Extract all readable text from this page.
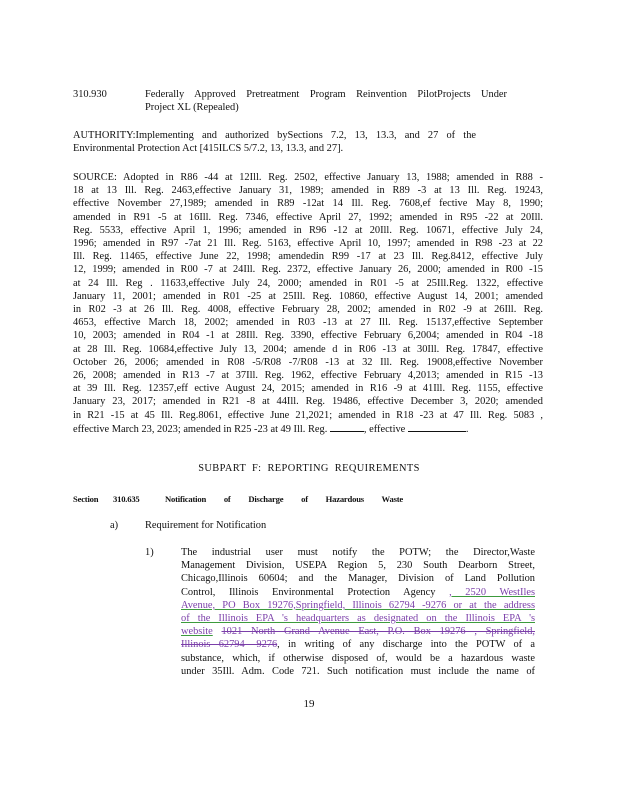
310.930	Federally Approved Pretreatment Program Reinvention PilotProjects Under
Project XL (Repealed)
AUTHORITY:Implementing and authorized bySections 7.2, 13, 13.3, and 27 of the
Environmental Protection Act [415ILCS 5/7.2, 13, 13.3, and 27].
SOURCE: Adopted in R86 -44 at 12Ill. Reg. 2502, effective January 13, 1988; amended in R88 -
18 at 13 Ill. Reg. 2463,effective January 31, 1989; amended in R89 -3 at 13 Ill. Reg. 19243,
effective November 27,1989; amended in R89 -12at 14 Ill. Reg. 7608,ef fective May 8, 1990;
amended in R91 -5 at 16Ill. Reg. 7346, effective April 27, 1992; amended in R95 -22 at 20Ill.
Reg. 5533, effective April 1, 1996; amended in R96 -12 at 20Ill. Reg. 10671, effective July 24,
1996; amended in R97 -7at 21 Ill. Reg. 5163, effective April 10, 1997; amended in R98 -23 at 22
Ill. Reg. 11465, effective June 22, 1998; amendedin R99 -17 at 23 Ill. Reg.8412, effective July
12, 1999; amended in R00 -7 at 24Ill. Reg. 2372, effective January 26, 2000; amended in R00 -15
at 24 Ill. Reg . 11633,effective July 24, 2000; amended in R01 -5 at 25Ill.Reg. 1322, effective
January 11, 2001; amended in R01 -25 at 25Ill. Reg. 10860, effective August 14, 2001; amended
in R02 -3 at 26 Ill. Reg. 4008, effective February 28, 2002; amended in R02 -9 at 26Ill. Reg.
4653, effective March 18, 2002; amended in R03 -13 at 27 Ill. Reg. 15137,effective September
10, 2003; amended in R04 -1 at 28Ill. Reg. 3390, effective February 6,2004; amended in R04 -18
at 28 Ill. Reg. 10684,effective July 13, 2004; amende d in R06 -13 at 30Ill. Reg. 17847, effective
October 26, 2006; amended in R08 -5/R08 -7/R08 -13 at 32 Ill. Reg. 19008,effective November
26, 2008; amended in R13 -7 at 37Ill. Reg. 1962, effective February 4,2013; amended in R15 -13
at 39 Ill. Reg. 12357,eff ective August 24, 2015; amended in R16 -9 at 41Ill. Reg. 1155, effective
January 23, 2017; amended in R21 -8 at 44Ill. Reg. 19486, effective December 3, 2020; amended
in R21 -15 at 45 Ill. Reg.8061, effective June 21,2021; amended in R18 -23 at 47 Ill. Reg. 5083 ,
effective March 23, 2023; amended in R25 -23 at 49 Ill. Reg.	, effective	.
SUBPART F: REPORTING REQUIREMENTS
Section 310.635	Notification of Discharge of Hazardous Waste
a)	Requirement for Notification
1)	The industrial user must notify the POTW; the Director,Waste
Management Division, USEPA Region 5, 230 South Dearborn Street,
Chicago,Illinois 60604; and the Manager, Division of Land Pollution
Control, Illinois Environmental Protection Agency , 2520 WestIles
Avenue, PO Box 19276,Springfield, Illinois 62794 -9276 or at the address
of the Illinois EPA 's headquarters as designated on the Illinois EPA 's
website 1021 North Grand Avenue East, P.O. Box 19276 , Springfield,
Illinois 62794 -9276, in writing of any discharge into the POTW of a
substance, which, if otherwise disposed of, would be a hazardous waste
under 35Ill. Adm. Code 721. Such notification must include the name of
19
